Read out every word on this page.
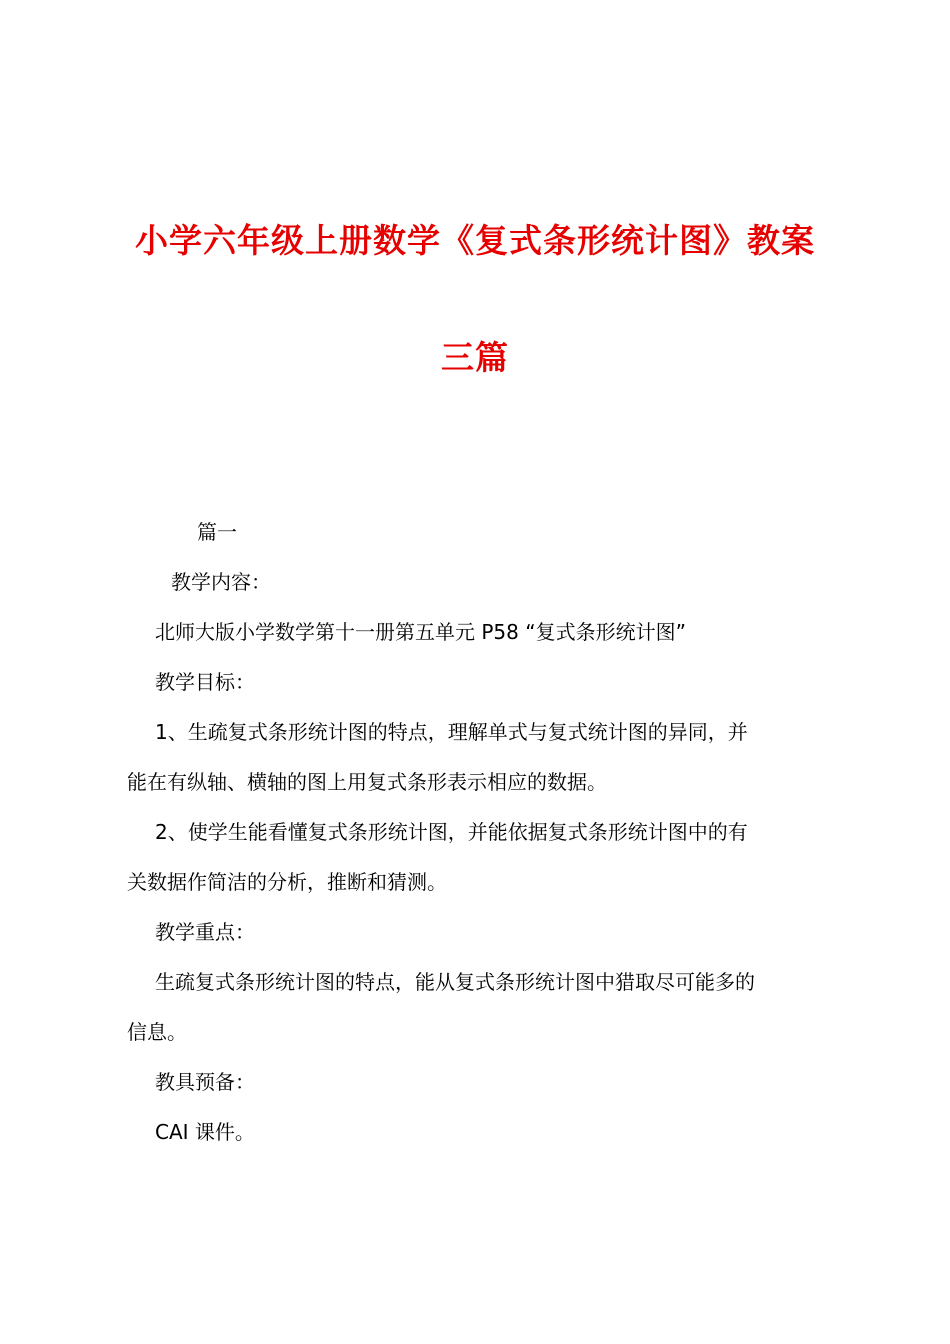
小学六年级上册数学《复式条形统计图》教案
三篇

篇一

教学内容：

北师大版小学数学第十一册第五单元 P58 “复式条形统计图”

教学目标：

1、生疏复式条形统计图的特点，理解单式与复式统计图的异同，并

能在有纵轴、横轴的图上用复式条形表示相应的数据。

2、使学生能看懂复式条形统计图，并能依据复式条形统计图中的有

关数据作简洁的分析，推断和猜测。

教学重点：

生疏复式条形统计图的特点，能从复式条形统计图中猎取尽可能多的

信息。

教具预备：

CAI 课件。
